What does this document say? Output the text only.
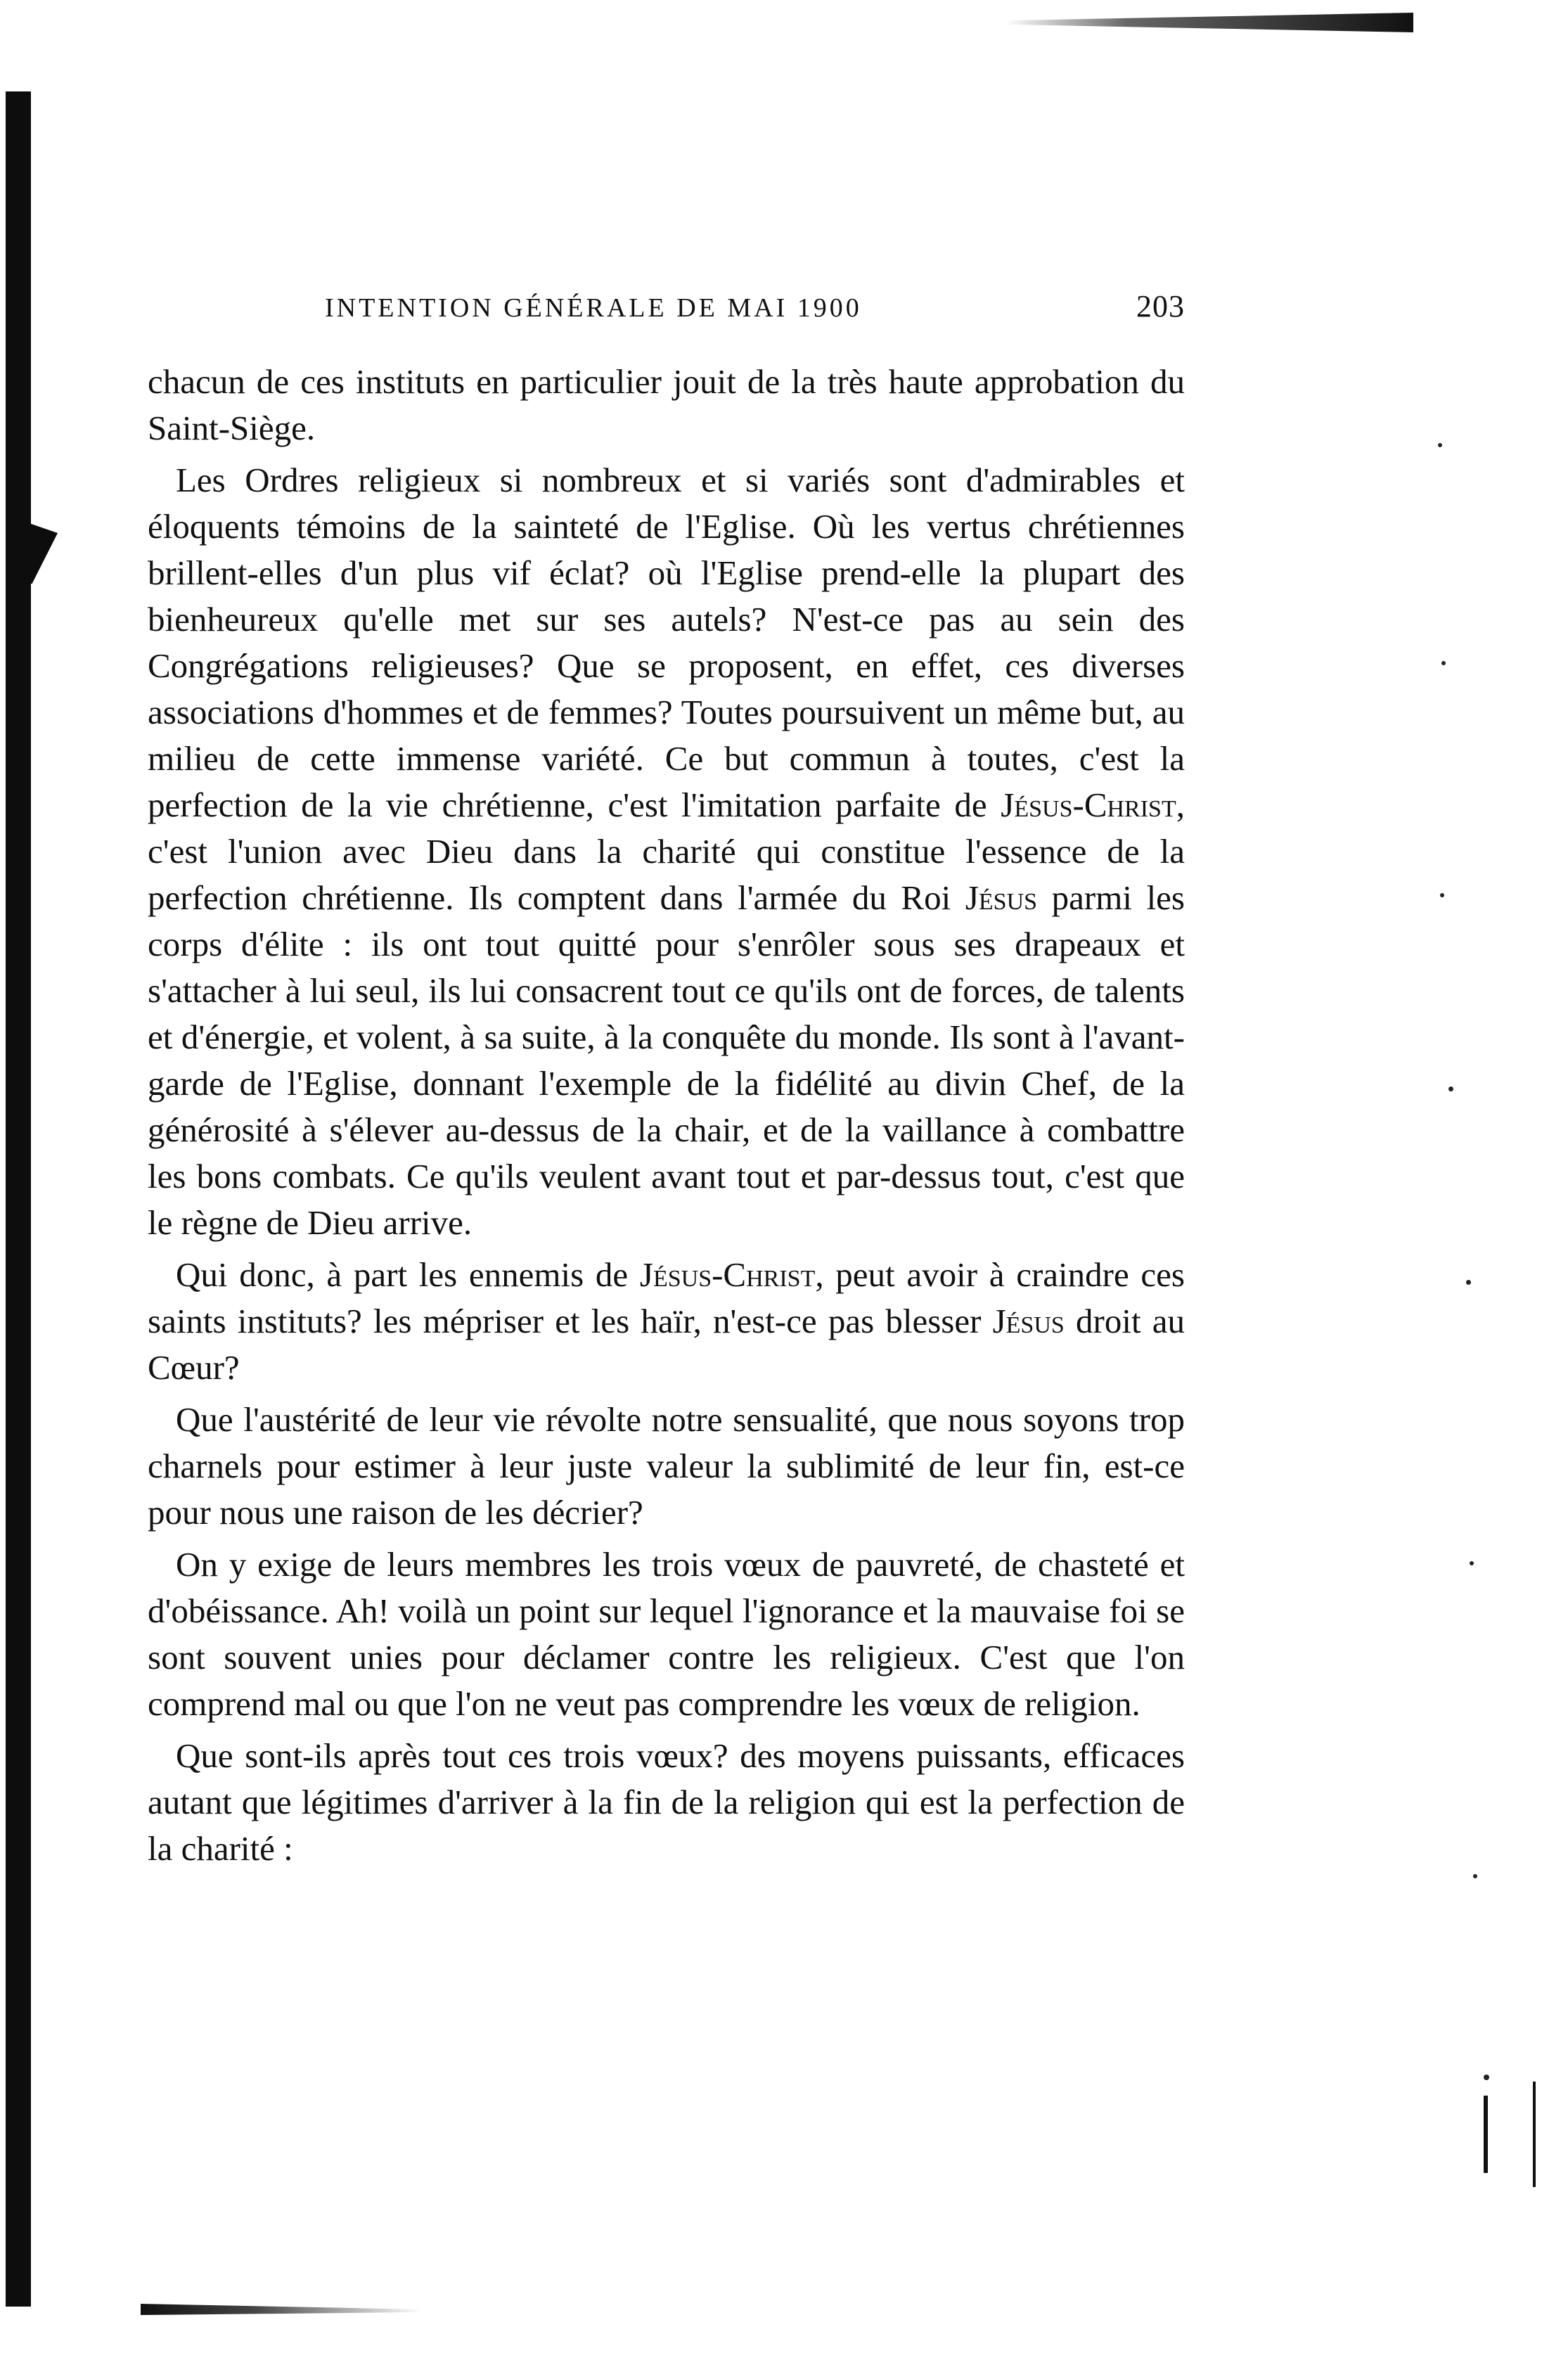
INTENTION GÉNÉRALE DE MAI 1900	203

chacun de ces instituts en particulier jouit de la très haute approbation du Saint-Siège.

Les Ordres religieux si nombreux et si variés sont d'admirables et éloquents témoins de la sainteté de l'Eglise. Où les vertus chrétiennes brillent-elles d'un plus vif éclat? où l'Eglise prend-elle la plupart des bienheureux qu'elle met sur ses autels? N'est-ce pas au sein des Congrégations religieuses? Que se proposent, en effet, ces diverses associations d'hommes et de femmes? Toutes poursuivent un même but, au milieu de cette immense variété. Ce but commun à toutes, c'est la perfection de la vie chrétienne, c'est l'imitation parfaite de Jésus-Christ, c'est l'union avec Dieu dans la charité qui constitue l'essence de la perfection chrétienne. Ils comptent dans l'armée du Roi Jésus parmi les corps d'élite : ils ont tout quitté pour s'enrôler sous ses drapeaux et s'attacher à lui seul, ils lui consacrent tout ce qu'ils ont de forces, de talents et d'énergie, et volent, à sa suite, à la conquête du monde. Ils sont à l'avant-garde de l'Eglise, donnant l'exemple de la fidélité au divin Chef, de la générosité à s'élever au-dessus de la chair, et de la vaillance à combattre les bons combats. Ce qu'ils veulent avant tout et par-dessus tout, c'est que le règne de Dieu arrive.

Qui donc, à part les ennemis de Jésus-Christ, peut avoir à craindre ces saints instituts? les mépriser et les haïr, n'est-ce pas blesser Jésus droit au Cœur?

Que l'austérité de leur vie révolte notre sensualité, que nous soyons trop charnels pour estimer à leur juste valeur la sublimité de leur fin, est-ce pour nous une raison de les décrier?

On y exige de leurs membres les trois vœux de pauvreté, de chasteté et d'obéissance. Ah! voilà un point sur lequel l'ignorance et la mauvaise foi se sont souvent unies pour déclamer contre les religieux. C'est que l'on comprend mal ou que l'on ne veut pas comprendre les vœux de religion.

Que sont-ils après tout ces trois vœux? des moyens puissants, efficaces autant que légitimes d'arriver à la fin de la religion qui est la perfection de la charité :
